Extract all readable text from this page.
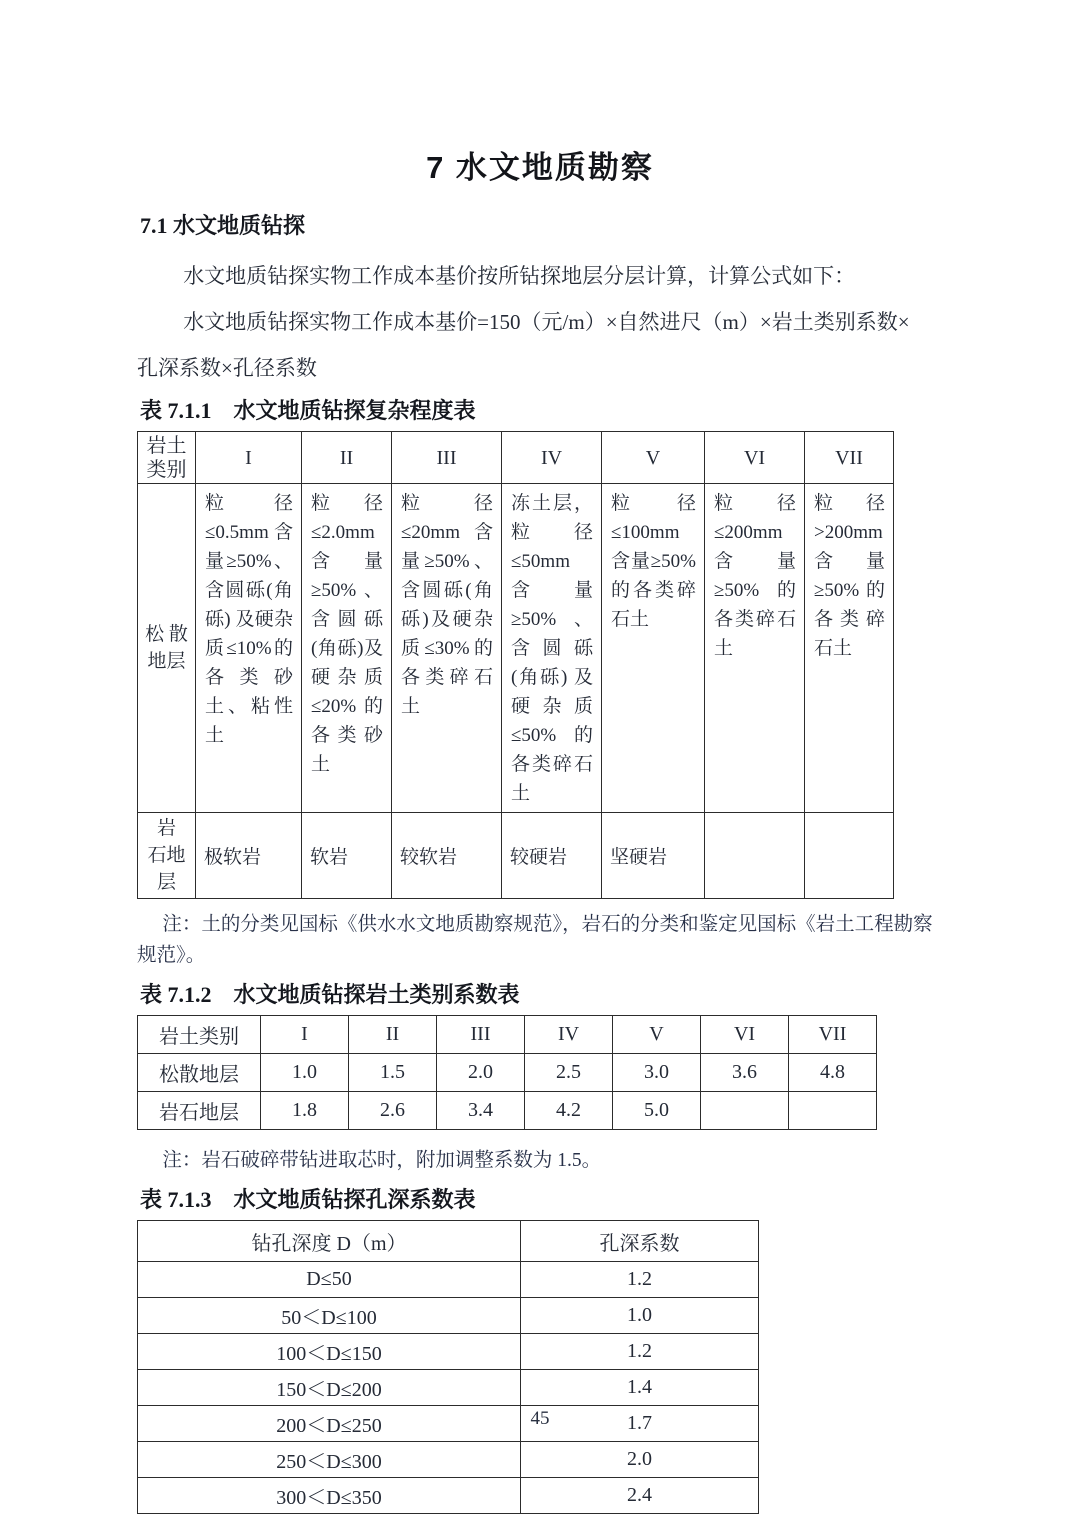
7 水文地质勘察
7.1 水文地质钻探
水文地质钻探实物工作成本基价按所钻探地层分层计算，计算公式如下：
水文地质钻探实物工作成本基价=150（元/m）×自然进尺（m）×岩土类别系数×
孔深系数×孔径系数
表 7.1.1　水文地质钻探复杂程度表
岩土类别	I	II	III	IV	V	VI	VII
松 散地层	粒径≤0.5mm 含量≥50%、含圆砾(角砾) 及硬杂质≤10%的各类砂土、粘性土	粒径≤2.0mm 含量≥50%、含圆砾(角砾)及硬杂质≤20%的各类砂土	粒径≤20mm 含量≥50%、含圆砾(角砾)及硬杂质≤30%的各类碎石土	冻土层，粒径≤50mm 含量≥50%、含圆砾(角砾) 及硬杂质≤50%的各类碎石土	粒径≤100mm含量≥50%的各类碎石土	粒径≤200mm含量≥50%的各类碎石土	粒径>200mm含量≥50%的各类碎石土
岩 石地层	极软岩	软岩	较软岩	较硬岩	坚硬岩		
注：土的分类见国标《供水水文地质勘察规范》，岩石的分类和鉴定见国标《岩土工程勘察
规范》。
表 7.1.2　水文地质钻探岩土类别系数表
岩土类别	I	II	III	IV	V	VI	VII
松散地层	1.0	1.5	2.0	2.5	3.0	3.6	4.8
岩石地层	1.8	2.6	3.4	4.2	5.0		
注：岩石破碎带钻进取芯时，附加调整系数为 1.5。
表 7.1.3　水文地质钻探孔深系数表
钻孔深度 D（m）	孔深系数
D≤50	1.2
50＜D≤100	1.0
100＜D≤150	1.2
150＜D≤200	1.4
200＜D≤250	1.7
250＜D≤300	2.0
300＜D≤350	2.4
45
